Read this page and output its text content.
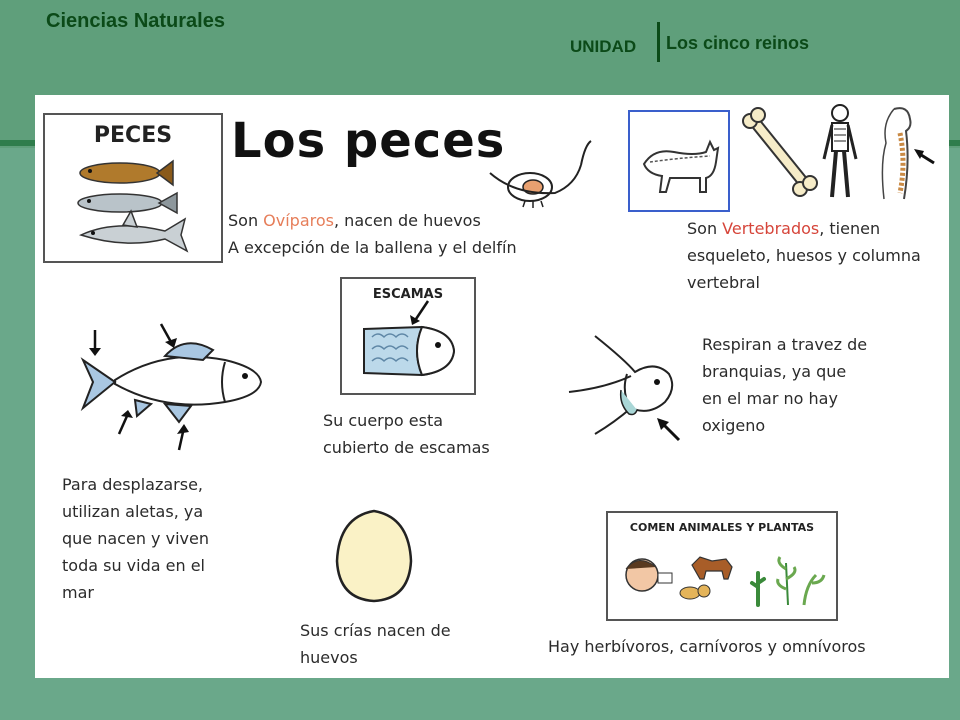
Ciencias Naturales
UNIDAD Los cinco reinos
PECES	Los peces
Son Ovíparos, nacen de huevos
A excepción de la ballena y el delfín
Son Vertebrados, tienen
esqueleto, huesos y columna
vertebral
ESCAMAS
Su cuerpo esta
cubierto de escamas
Respiran a travez de
branquias, ya que
en el mar no hay
oxigeno
Para desplazarse,
utilizan aletas, ya
que nacen y viven
toda su vida en el
mar
Sus crías nacen de
huevos
COMEN ANIMALES Y PLANTAS
Hay herbívoros, carnívoros y omnívoros
